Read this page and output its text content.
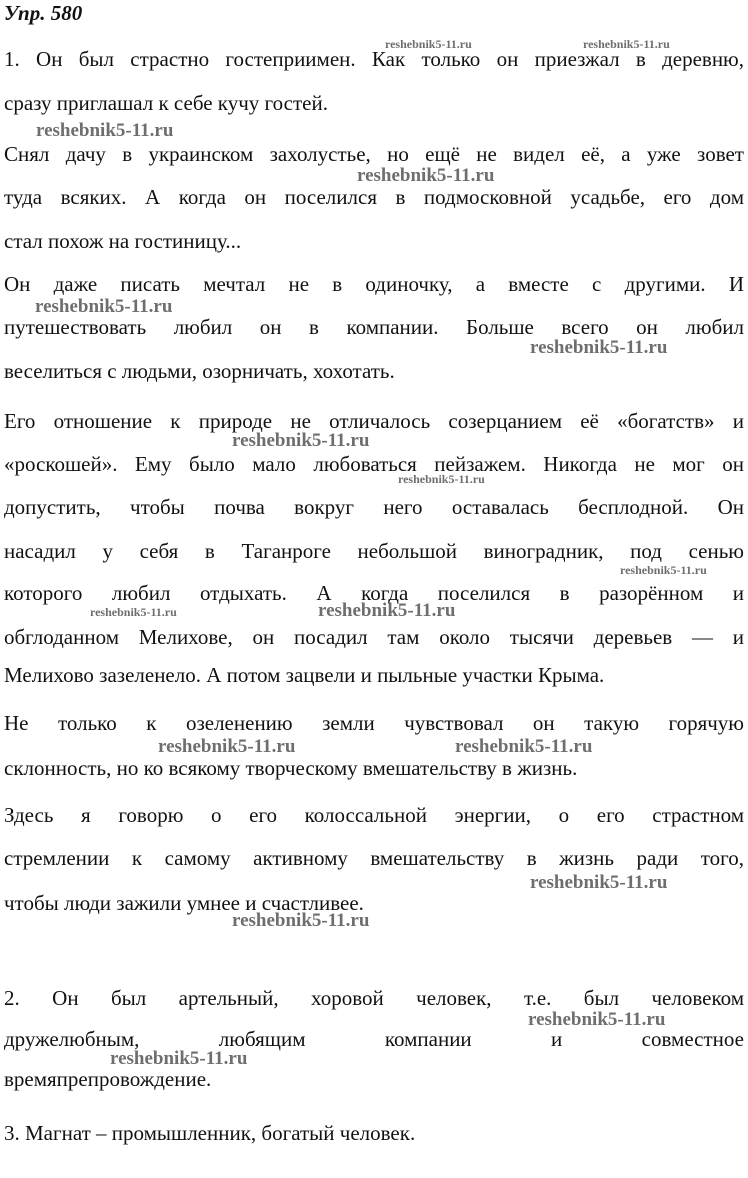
Упр. 580
1. Он был страстно гостеприимен. Как только он приезжал в деревню,
сразу приглашал к себе кучу гостей.
Снял дачу в украинском захолустье, но ещё не видел её, а уже зовет
туда всяких. А когда он поселился в подмосковной усадьбе, его дом
стал похож на гостиницу...
Он даже писать мечтал не в одиночку, а вместе с другими. И
путешествовать любил он в компании. Больше всего он любил
веселиться с людьми, озорничать, хохотать.
Его отношение к природе не отличалось созерцанием её «богатств» и
«роскошей». Ему было мало любоваться пейзажем. Никогда не мог он
допустить, чтобы почва вокруг него оставалась бесплодной. Он
насадил у себя в Таганроге небольшой виноградник, под сенью
которого любил отдыхать. А когда поселился в разорённом и
обглоданном Мелихове, он посадил там около тысячи деревьев — и
Мелихово зазеленело. А потом зацвели и пыльные участки Крыма.
Не только к озеленению земли чувствовал он такую горячую
склонность, но ко всякому творческому вмешательству в жизнь.
Здесь я говорю о его колоссальной энергии, о его страстном
стремлении к самому активному вмешательству в жизнь ради того,
чтобы люди зажили умнее и счастливее.
2. Он был артельный, хоровой человек, т.е. был человеком
дружелюбным, любящим компании и совместное
времяпрепровождение.
3. Магнат – промышленник, богатый человек.
reshebnik5-11.ru	reshebnik5-11.ru
reshebnik5-11.ru
reshebnik5-11.ru
reshebnik5-11.ru
reshebnik5-11.ru
reshebnik5-11.ru
reshebnik5-11.ru
reshebnik5-11.ru
reshebnik5-11.ru	reshebnik5-11.ru
reshebnik5-11.ru	reshebnik5-11.ru
reshebnik5-11.ru
reshebnik5-11.ru
reshebnik5-11.ru
reshebnik5-11.ru
